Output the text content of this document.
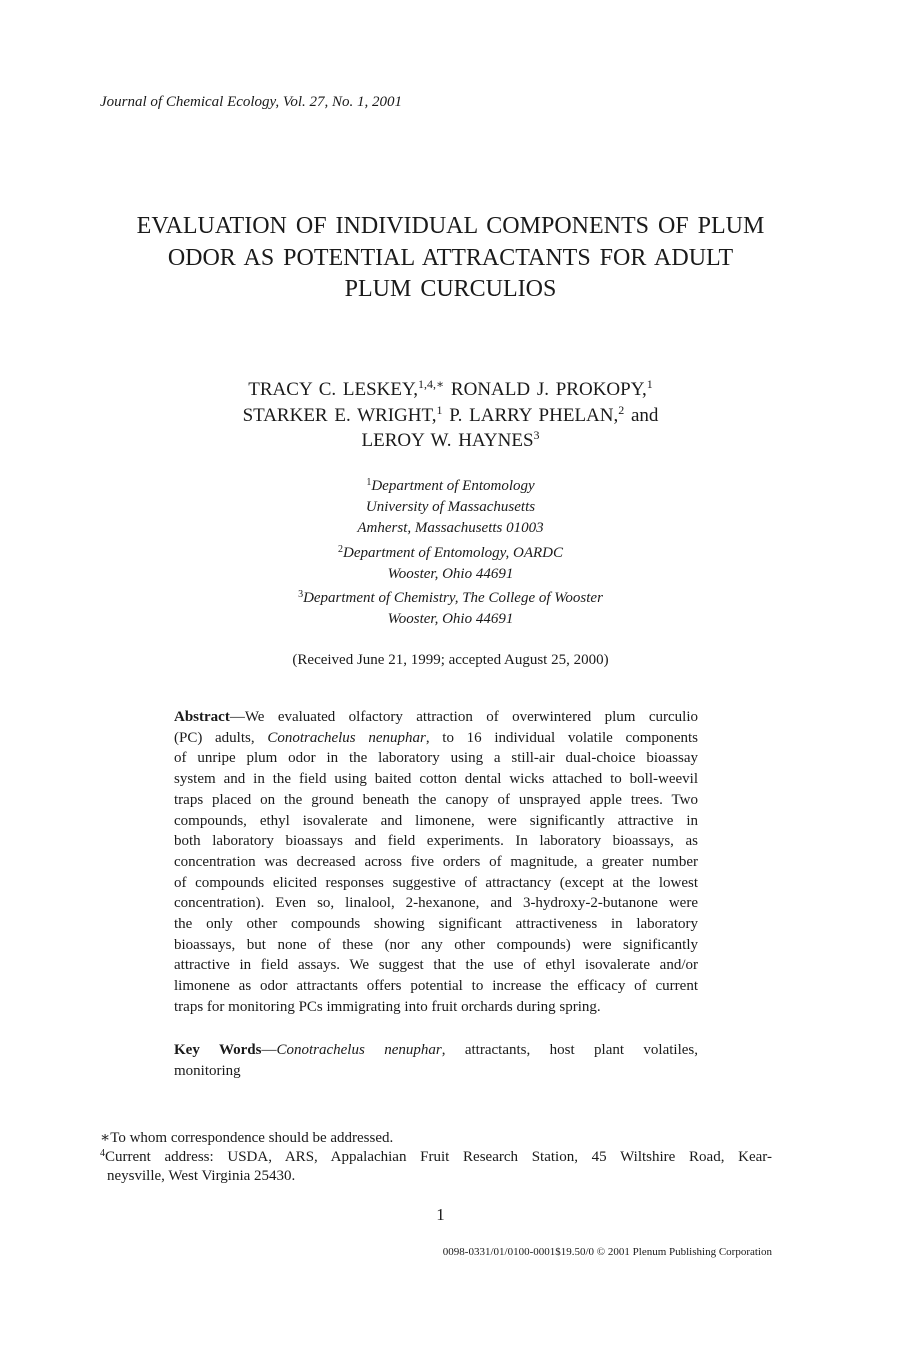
Journal of Chemical Ecology, Vol. 27, No. 1, 2001
EVALUATION OF INDIVIDUAL COMPONENTS OF PLUM
ODOR AS POTENTIAL ATTRACTANTS FOR ADULT
PLUM CURCULIOS
TRACY C. LESKEY,$^{1,4,∗}$ RONALD J. PROKOPY,$^1$
STARKER E. WRIGHT,$^1$ P. LARRY PHELAN,$^2$ and
LEROY W. HAYNES$^3$
$^1$Department of Entomology
University of Massachusetts
Amherst, Massachusetts 01003
$^2$Department of Entomology, OARDC
Wooster, Ohio 44691
$^3$Department of Chemistry, The College of Wooster
Wooster, Ohio 44691
(Received June 21, 1999; accepted August 25, 2000)
Abstract—We evaluated olfactory attraction of overwintered plum curculio
(PC) adults, Conotrachelus nenuphar, to 16 individual volatile components
of unripe plum odor in the laboratory using a still-air dual-choice bioassay
system and in the field using baited cotton dental wicks attached to boll-weevil
traps placed on the ground beneath the canopy of unsprayed apple trees. Two
compounds, ethyl isovalerate and limonene, were significantly attractive in
both laboratory bioassays and field experiments. In laboratory bioassays, as
concentration was decreased across five orders of magnitude, a greater number
of compounds elicited responses suggestive of attractancy (except at the lowest
concentration). Even so, linalool, 2-hexanone, and 3-hydroxy-2-butanone were
the only other compounds showing significant attractiveness in laboratory
bioassays, but none of these (nor any other compounds) were significantly
attractive in field assays. We suggest that the use of ethyl isovalerate and/or
limonene as odor attractants offers potential to increase the efficacy of current
traps for monitoring PCs immigrating into fruit orchards during spring.
Key Words—Conotrachelus nenuphar, attractants, host plant volatiles,
monitoring
∗To whom correspondence should be addressed.
$^4$Current address: USDA, ARS, Appalachian Fruit Research Station, 45 Wiltshire Road, Kear-
neysville, West Virginia 25430.
1
0098-0331/01/0100-0001$19.50/0 © 2001 Plenum Publishing Corporation
